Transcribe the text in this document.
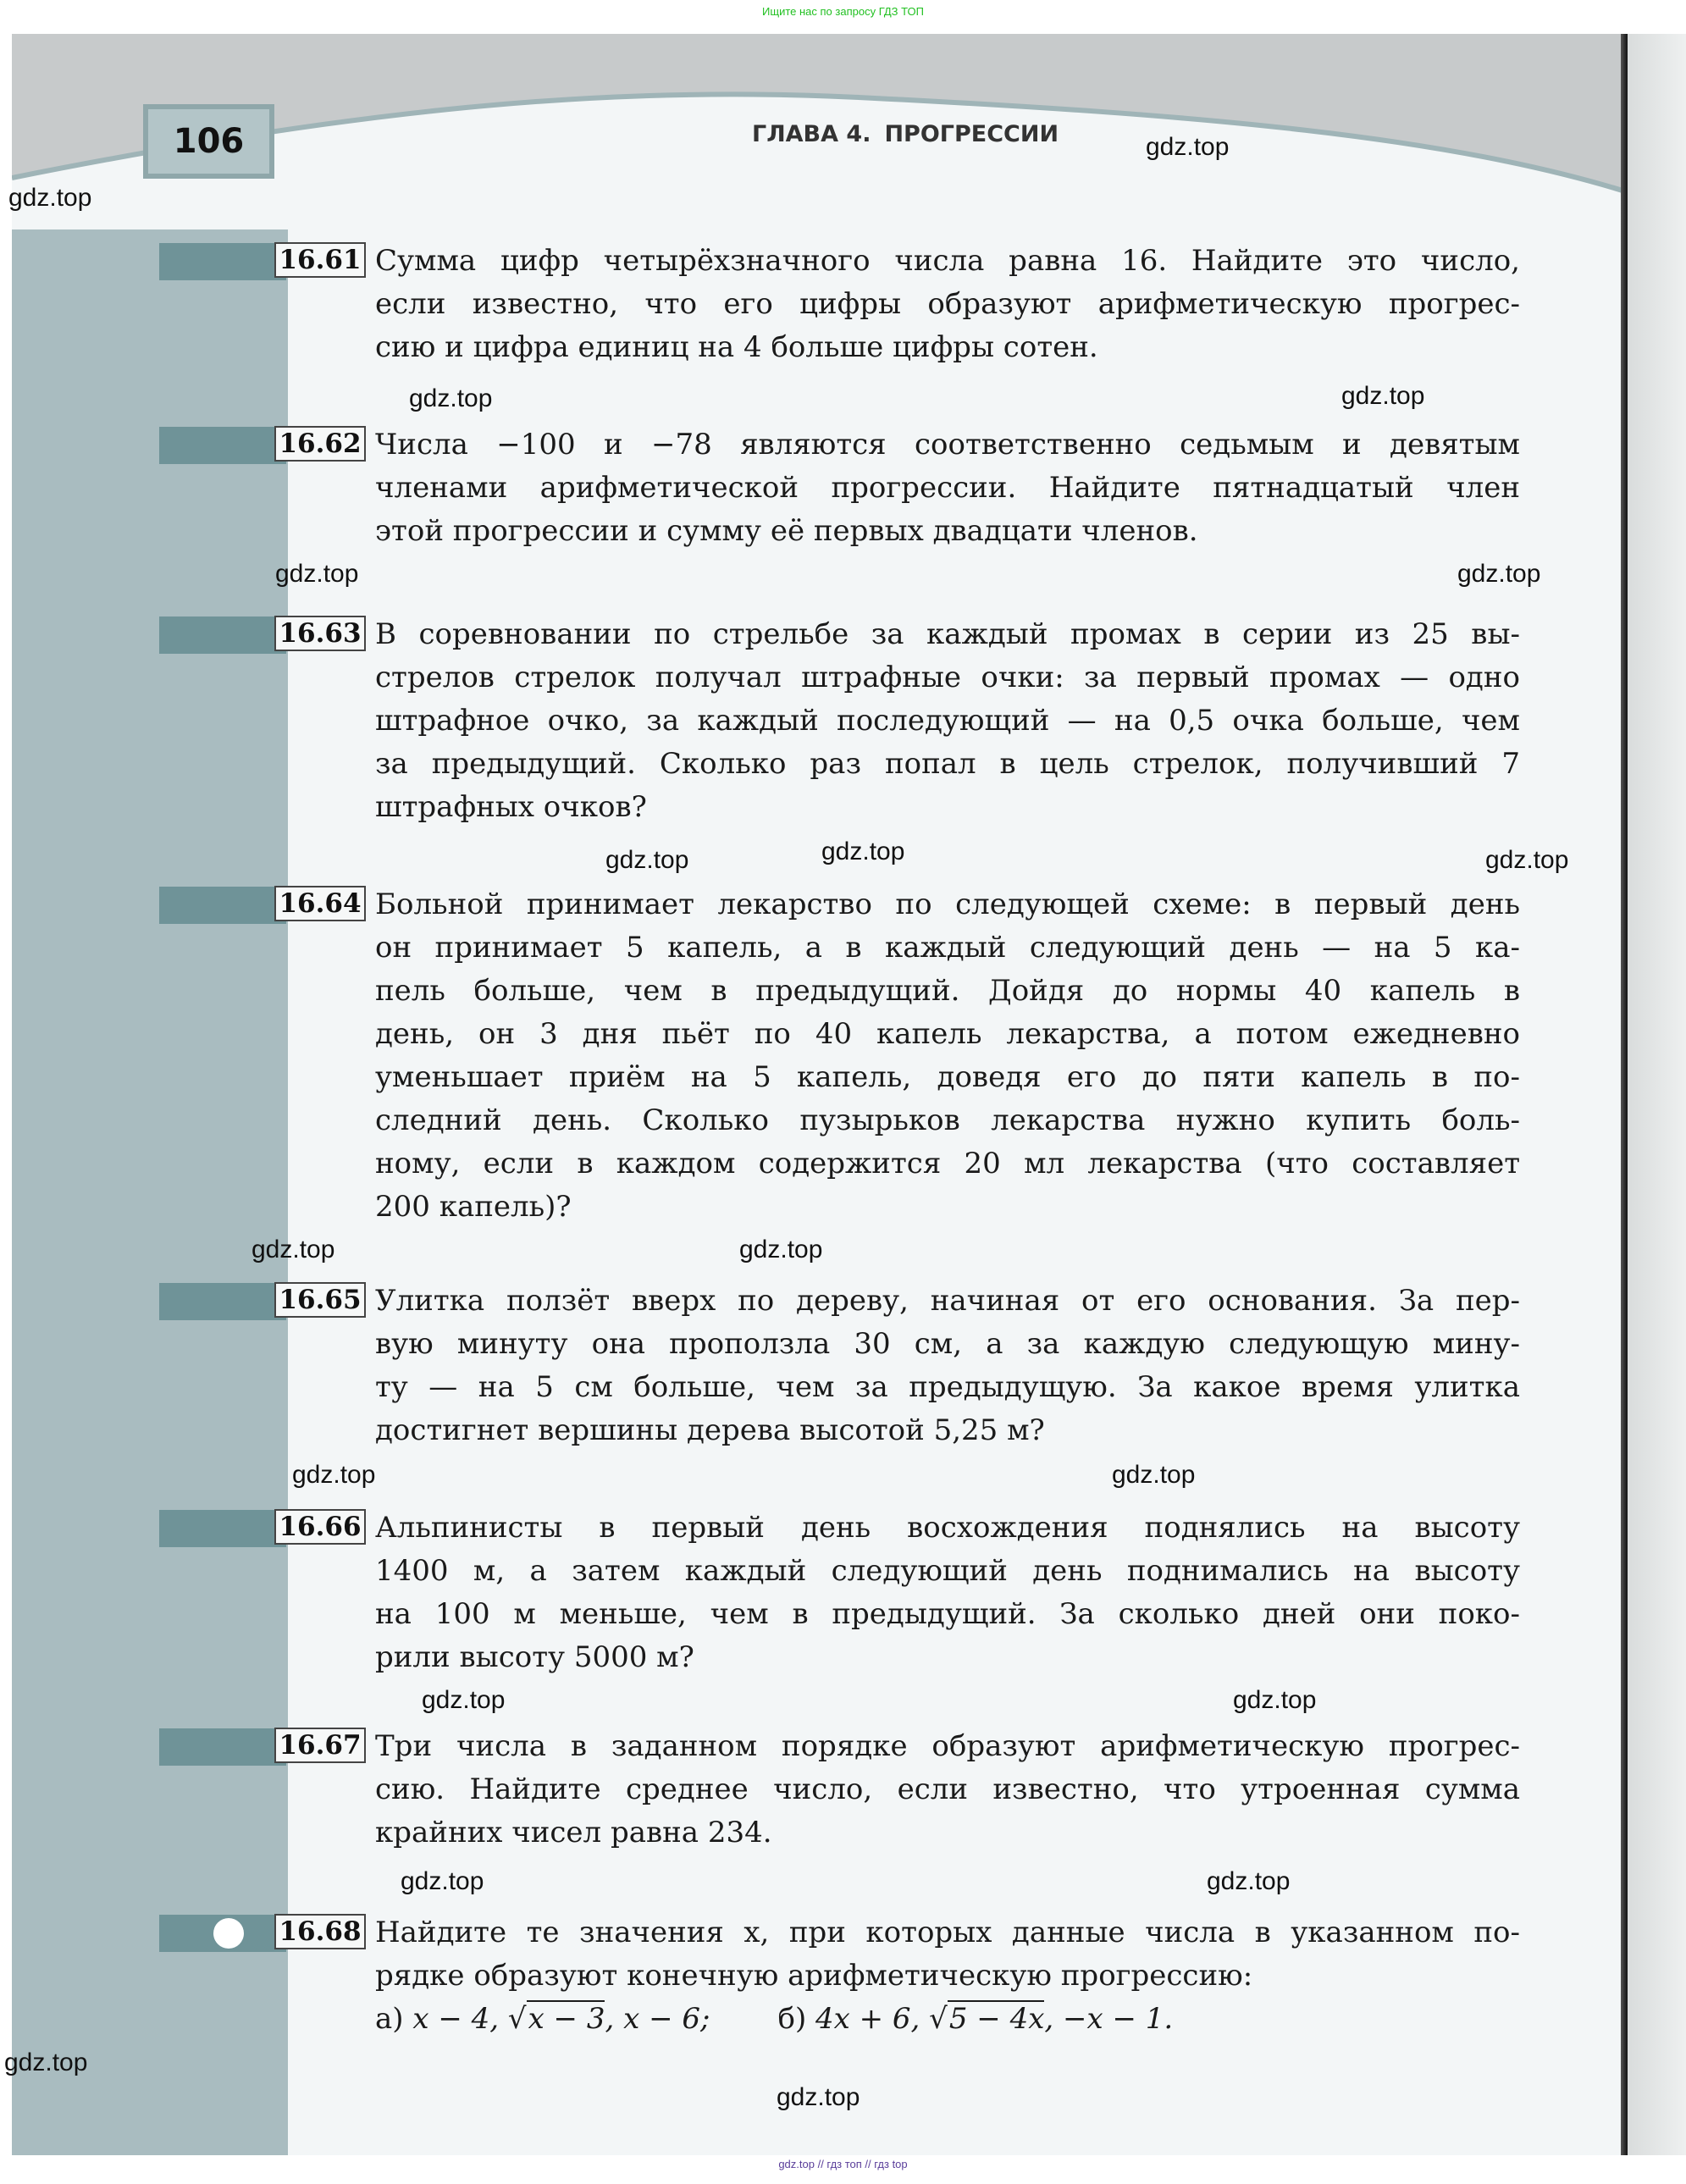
Ищите нас по запросу ГДЗ ТОП
106	ГЛАВА 4. ПРОГРЕССИИ
16.61 Сумма цифр четырёхзначного числа равна 16. Найдите это число,
если известно, что его цифры образуют арифметическую прогрес-
сию и цифра единиц на 4 больше цифры сотен.
16.62 Числа −100 и −78 являются соответственно седьмым и девятым
членами арифметической прогрессии. Найдите пятнадцатый член
этой прогрессии и сумму её первых двадцати членов.
16.63 В соревновании по стрельбе за каждый промах в серии из 25 вы-
стрелов стрелок получал штрафные очки: за первый промах — одно
штрафное очко, за каждый последующий — на 0,5 очка больше, чем
за предыдущий. Сколько раз попал в цель стрелок, получивший 7
штрафных очков?
16.64 Больной принимает лекарство по следующей схеме: в первый день
он принимает 5 капель, а в каждый следующий день — на 5 ка-
пель больше, чем в предыдущий. Дойдя до нормы 40 капель в
день, он 3 дня пьёт по 40 капель лекарства, а потом ежедневно
уменьшает приём на 5 капель, доведя его до пяти капель в по-
следний день. Сколько пузырьков лекарства нужно купить боль-
ному, если в каждом содержится 20 мл лекарства (что составляет
200 капель)?
16.65 Улитка ползёт вверх по дереву, начиная от его основания. За пер-
вую минуту она проползла 30 см, а за каждую следующую мину-
ту — на 5 см больше, чем за предыдущую. За какое время улитка
достигнет вершины дерева высотой 5,25 м?
16.66 Альпинисты в первый день восхождения поднялись на высоту
1400 м, а затем каждый следующий день поднимались на высоту
на 100 м меньше, чем в предыдущий. За сколько дней они поко-
рили высоту 5000 м?
16.67 Три числа в заданном порядке образуют арифметическую прогрес-
сию. Найдите среднее число, если известно, что утроенная сумма
крайних чисел равна 234.
16.68 Найдите те значения x, при которых данные числа в указанном по-
рядке образуют конечную арифметическую прогрессию:
а) x − 4, √x − 3, x − 6; б) 4x + 6, √5 − 4x, −x − 1.
gdz.top
gdz.top
gdz.top
gdz.top
gdz.top
gdz.top
gdz.top
gdz.top	gdz.top
gdz.top
gdz.top
gdz.top
gdz.top
gdz.top
gdz.top
gdz.top
gdz.top
gdz.top
gdz.top
gdz.top // гдз топ // гдз top
